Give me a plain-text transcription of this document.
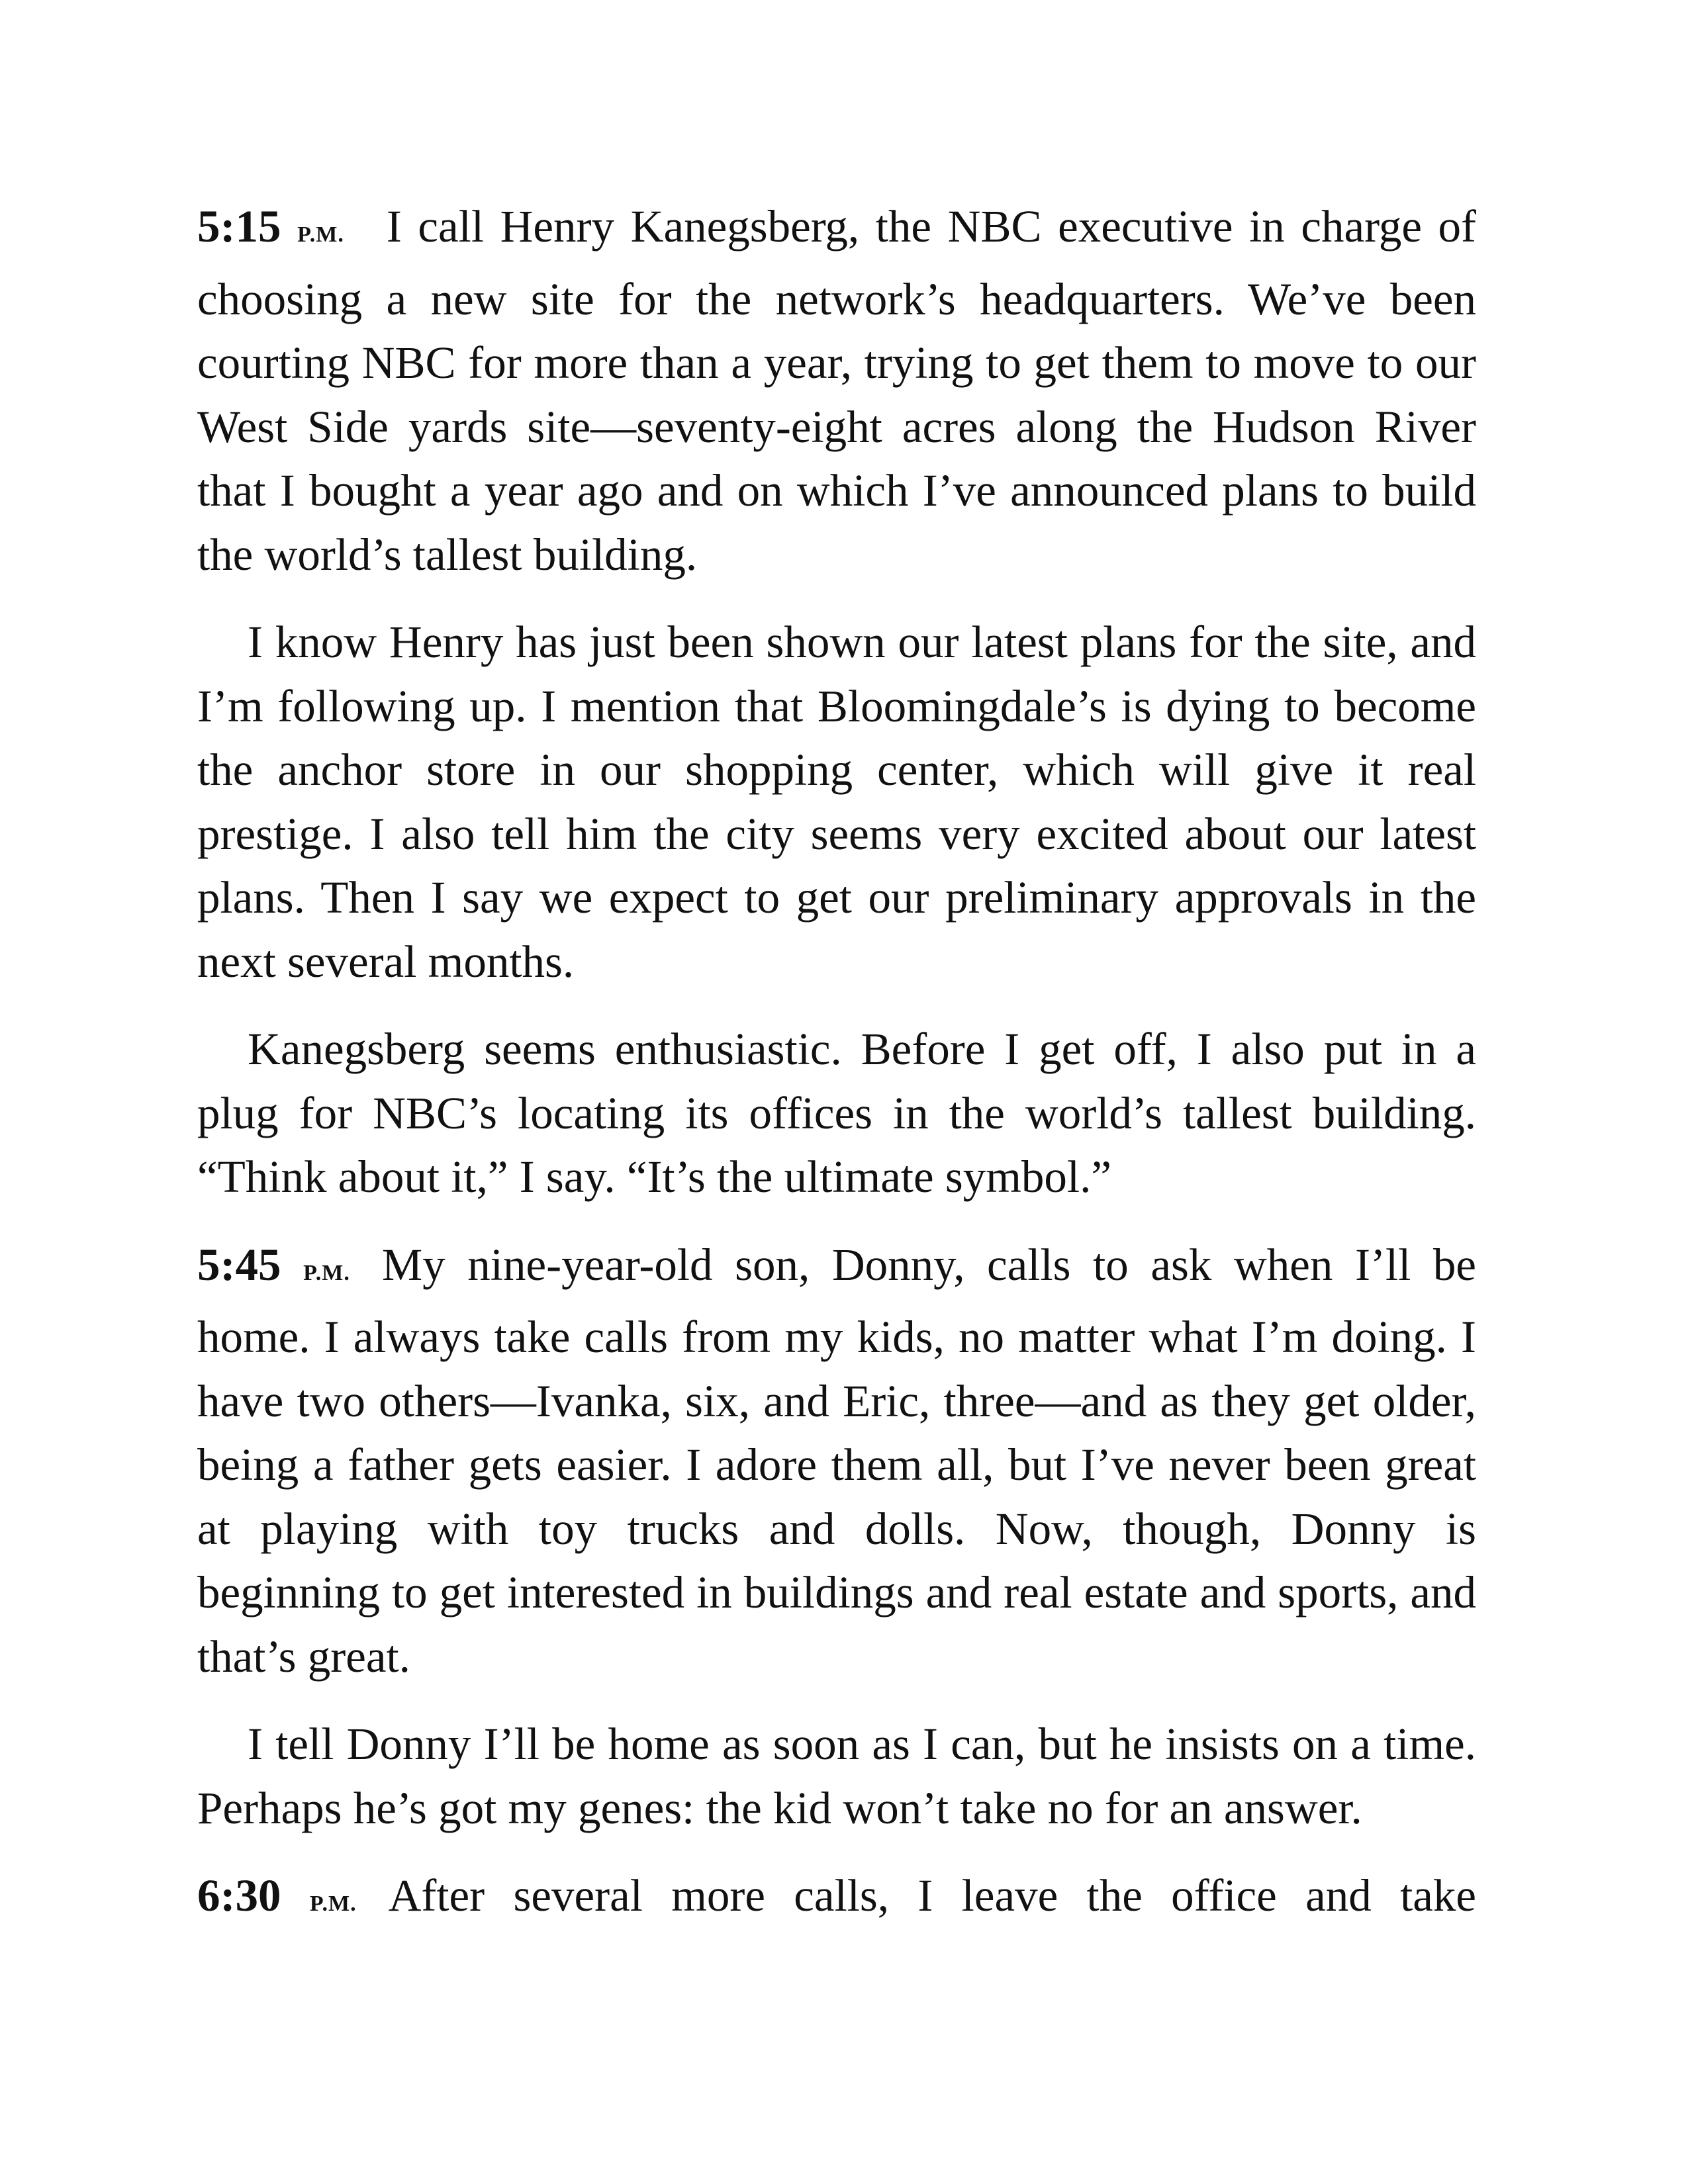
5:15 P.M. I call Henry Kanegsberg, the NBC executive in charge of choosing a new site for the network’s headquarters. We’ve been courting NBC for more than a year, trying to get them to move to our West Side yards site—seventy-eight acres along the Hudson River that I bought a year ago and on which I’ve announced plans to build the world’s tallest building.

I know Henry has just been shown our latest plans for the site, and I’m following up. I mention that Bloomingdale’s is dying to become the anchor store in our shopping center, which will give it real prestige. I also tell him the city seems very excited about our latest plans. Then I say we expect to get our preliminary approvals in the next several months.

Kanegsberg seems enthusiastic. Before I get off, I also put in a plug for NBC’s locating its offices in the world’s tallest building. “Think about it,” I say. “It’s the ultimate symbol.”

5:45 P.M. My nine-year-old son, Donny, calls to ask when I’ll be home. I always take calls from my kids, no matter what I’m doing. I have two others—Ivanka, six, and Eric, three—and as they get older, being a father gets easier. I adore them all, but I’ve never been great at playing with toy trucks and dolls. Now, though, Donny is beginning to get interested in buildings and real estate and sports, and that’s great.

I tell Donny I’ll be home as soon as I can, but he insists on a time. Perhaps he’s got my genes: the kid won’t take no for an answer.

6:30 P.M. After several more calls, I leave the office and take
